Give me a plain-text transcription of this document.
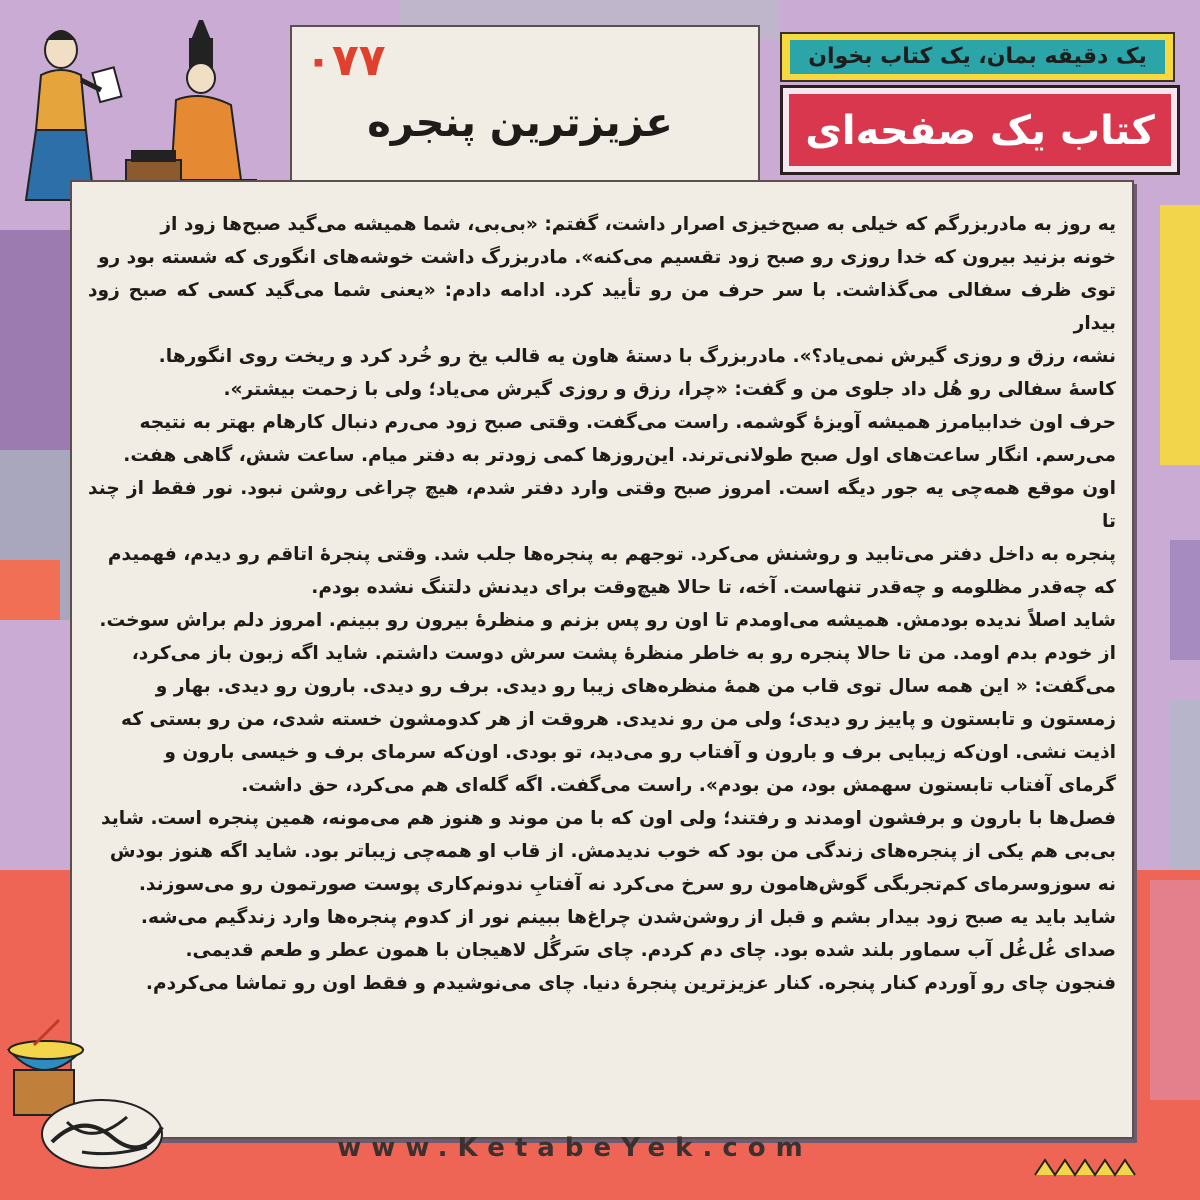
۰۷۷
عزیزترین پنجره
یک دقیقه بمان، یک کتاب بخوان
کتاب یک صفحه‌ای

یه روز به مادربزرگم که خیلی به صبح‌خیزی اصرار داشت، گفتم: «بی‌بی، شما همیشه می‌گید صبح‌ها زود از

خونه بزنید بیرون که خدا روزی رو صبح زود تقسیم می‌کنه». مادربزرگ داشت خوشه‌های انگوری که شسته بود رو

توی ظرف سفالی می‌گذاشت. با سر حرف من رو تأیید کرد. ادامه دادم: «یعنی شما می‌گید کسی که صبح زود بیدار

نشه، رزق و روزی گیرش نمی‌یاد؟». مادربزرگ با دستهٔ هاون یه قالب یخ رو خُرد کرد و ریخت روی انگورها.

کاسهٔ سفالی رو هُل داد جلوی من و گفت: «چرا، رزق و روزی گیرش می‌یاد؛ ولی با زحمت بیشتر».

حرف اون خدابیامرز همیشه آویزهٔ گوشمه. راست می‌گفت. وقتی صبح زود می‌رم دنبال کارهام بهتر به نتیجه

می‌رسم. انگار ساعت‌های اول صبح طولانی‌ترند. این‌روزها کمی زودتر به دفتر میام. ساعت شش، گاهی هفت.

اون موقع همه‌چی یه جور دیگه است. امروز صبح وقتی وارد دفتر شدم، هیچ چراغی روشن نبود. نور فقط از چند تا

پنجره به داخل دفتر می‌تابید و روشنش می‌کرد. توجهم به پنجره‌ها جلب شد. وقتی پنجرهٔ اتاقم رو دیدم، فهمیدم

که چه‌قدر مظلومه و چه‌قدر تنهاست. آخه، تا حالا هیچ‌وقت برای دیدنش دلتنگ نشده بودم.

شاید اصلاً ندیده بودمش. همیشه می‌اومدم تا اون رو پس بزنم و منظرهٔ بیرون رو ببینم. امروز دلم براش سوخت.

از خودم بدم اومد. من تا حالا پنجره رو به خاطر منظرهٔ پشت سرش دوست داشتم. شاید اگه زبون باز می‌کرد،

می‌گفت: « این همه سال توی قاب من همهٔ منظره‌های زیبا رو دیدی. برف رو دیدی. بارون رو دیدی. بهار و

زمستون و تابستون و پاییز رو دیدی؛ ولی من رو ندیدی. هروقت از هر کدومشون خسته شدی، من رو بستی که

اذیت نشی. اون‌که زیبایی برف و بارون و آفتاب رو می‌دید، تو بودی. اون‌که سرمای برف و خیسی بارون و

گرمای آفتاب تابستون سهمش بود، من بودم». راست می‌گفت. اگه گله‌ای هم می‌کرد، حق داشت.

فصل‌ها با بارون و برفشون اومدند و رفتند؛ ولی اون که با من موند و هنوز هم می‌مونه، همین پنجره است. شاید

بی‌بی هم یکی از پنجره‌های زندگی من بود که خوب ندیدمش. از قاب او همه‌چی زیباتر بود. شاید اگه هنوز بودش

نه سوزوسرمای کم‌تجربگی گوش‌هامون رو سرخ می‌کرد نه آفتابِ ندونم‌کاری پوست صورتمون رو می‌سوزند.

شاید باید یه صبح زود بیدار بشم و قبل از روشن‌شدن چراغ‌ها ببینم نور از کدوم پنجره‌ها وارد زندگیم می‌شه.

صدای غُل‌غُل آب سماور بلند شده بود. چای دم کردم. چای سَرگُل لاهیجان با همون عطر و طعم قدیمی.

فنجون چای رو آوردم کنار پنجره. کنار عزیزترین پنجرهٔ دنیا. چای می‌نوشیدم و فقط اون رو تماشا می‌کردم.

www.KetabeYek.com
